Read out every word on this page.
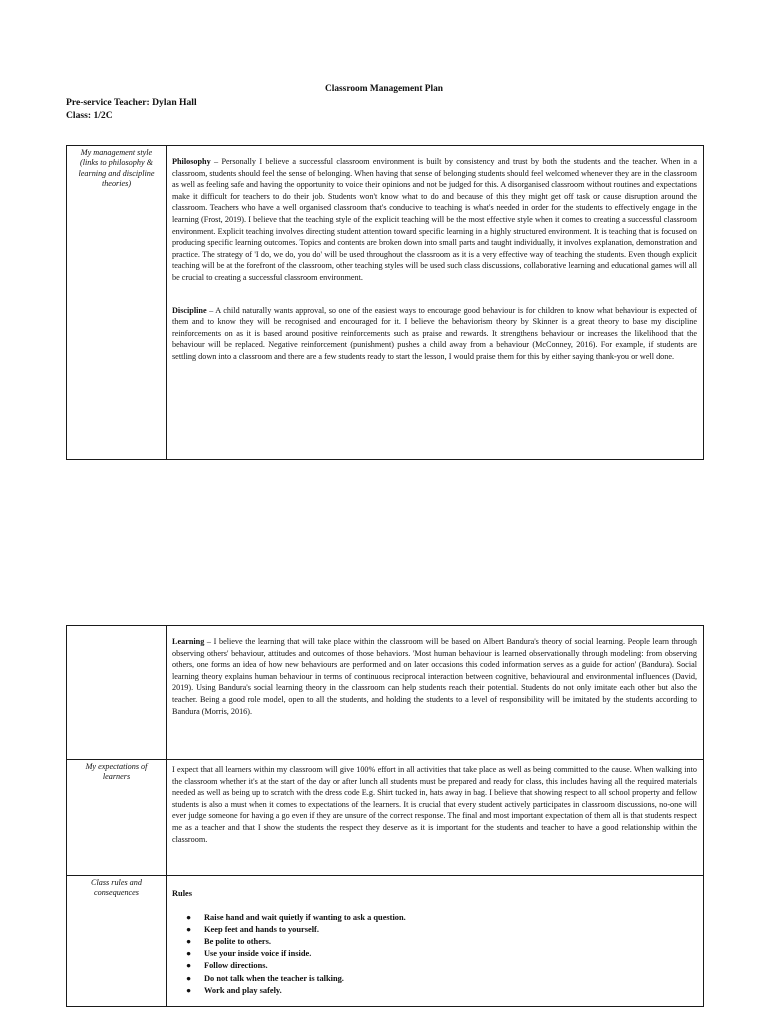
Classroom Management Plan
Pre-service Teacher: Dylan Hall
Class: 1/2C
My management style (links to philosophy & learning and discipline theories)

Philosophy – Personally I believe a successful classroom environment is built by consistency and trust by both the students and the teacher. When in a classroom, students should feel the sense of belonging. When having that sense of belonging students should feel welcomed whenever they are in the classroom as well as feeling safe and having the opportunity to voice their opinions and not be judged for this. A disorganised classroom without routines and expectations make it difficult for teachers to do their job. Students won't know what to do and because of this they might get off task or cause disruption around the classroom. Teachers who have a well organised classroom that's conducive to teaching is what's needed in order for the students to effectively engage in the learning (Frost, 2019). I believe that the teaching style of the explicit teaching will be the most effective style when it comes to creating a successful classroom environment. Explicit teaching involves directing student attention toward specific learning in a highly structured environment. It is teaching that is focused on producing specific learning outcomes. Topics and contents are broken down into small parts and taught individually, it involves explanation, demonstration and practice. The strategy of 'I do, we do, you do' will be used throughout the classroom as it is a very effective way of teaching the students. Even though explicit teaching will be at the forefront of the classroom, other teaching styles will be used such class discussions, collaborative learning and educational games will all be crucial to creating a successful classroom environment.

Discipline – A child naturally wants approval, so one of the easiest ways to encourage good behaviour is for children to know what behaviour is expected of them and to know they will be recognised and encouraged for it. I believe the behaviorism theory by Skinner is a great theory to base my discipline reinforcements on as it is based around positive reinforcements such as praise and rewards. It strengthens behaviour or increases the likelihood that the behaviour will be replaced. Negative reinforcement (punishment) pushes a child away from a behaviour (McConney, 2016). For example, if students are settling down into a classroom and there are a few students ready to start the lesson, I would praise them for this by either saying thank-you or well done.

Learning – I believe the learning that will take place within the classroom will be based on Albert Bandura's theory of social learning. People learn through observing others' behaviour, attitudes and outcomes of those behaviors. 'Most human behaviour is learned observationally through modeling: from observing others, one forms an idea of how new behaviours are performed and on later occasions this coded information serves as a guide for action' (Bandura). Social learning theory explains human behaviour in terms of continuous reciprocal interaction between cognitive, behavioural and environmental influences (David, 2019). Using Bandura's social learning theory in the classroom can help students reach their potential. Students do not only imitate each other but also the teacher. Being a good role model, open to all the students, and holding the students to a level of responsibility will be imitated by the students according to Bandura (Morris, 2016).

My expectations of learners

I expect that all learners within my classroom will give 100% effort in all activities that take place as well as being committed to the cause. When walking into the classroom whether it's at the start of the day or after lunch all students must be prepared and ready for class, this includes having all the required materials needed as well as being up to scratch with the dress code E.g. Shirt tucked in, hats away in bag. I believe that showing respect to all school property and fellow students is also a must when it comes to expectations of the learners. It is crucial that every student actively participates in classroom discussions, no-one will ever judge someone for having a go even if they are unsure of the correct response. The final and most important expectation of them all is that students respect me as a teacher and that I show the students the respect they deserve as it is important for the students and teacher to have a good relationship within the classroom.

Class rules and consequences	Rules
● Raise hand and wait quietly if wanting to ask a question.
● Keep feet and hands to yourself.
● Be polite to others.
● Use your inside voice if inside.
● Follow directions.
● Do not talk when the teacher is talking.
● Work and play safely.
